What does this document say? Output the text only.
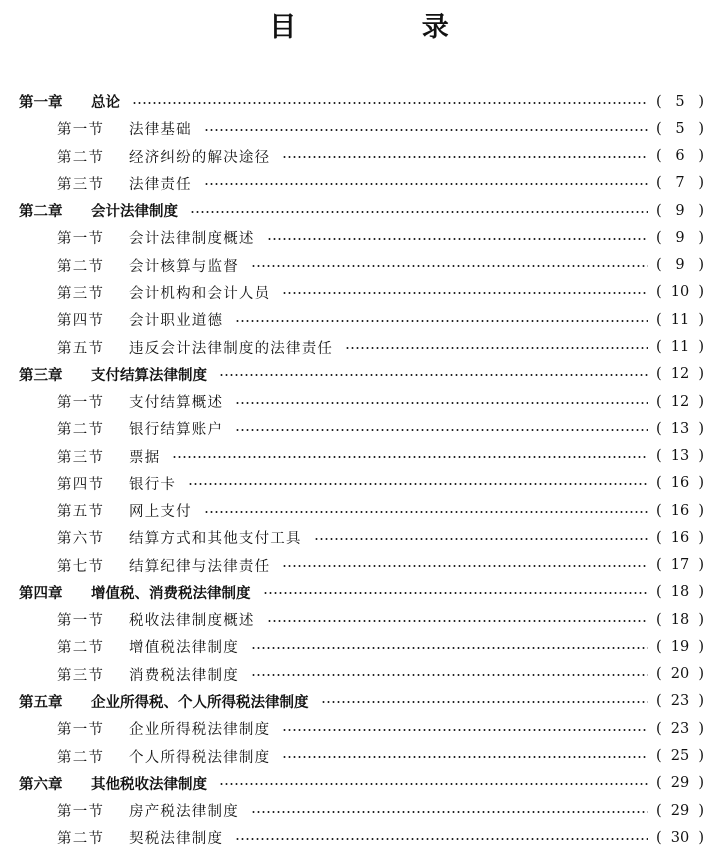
目 录
第一章	总论	( 5 )
第一节	法律基础	( 5 )
第二节	经济纠纷的解决途径	( 6 )
第三节	法律责任	( 7 )
第二章	会计法律制度	( 9 )
第一节	会计法律制度概述	( 9 )
第二节	会计核算与监督	( 9 )
第三节	会计机构和会计人员	( 10 )
第四节	会计职业道德	( 11 )
第五节	违反会计法律制度的法律责任	( 11 )
第三章	支付结算法律制度	( 12 )
第一节	支付结算概述	( 12 )
第二节	银行结算账户	( 13 )
第三节	票据	( 13 )
第四节	银行卡	( 16 )
第五节	网上支付	( 16 )
第六节	结算方式和其他支付工具	( 16 )
第七节	结算纪律与法律责任	( 17 )
第四章	增值税、消费税法律制度	( 18 )
第一节	税收法律制度概述	( 18 )
第二节	增值税法律制度	( 19 )
第三节	消费税法律制度	( 20 )
第五章	企业所得税、个人所得税法律制度	( 23 )
第一节	企业所得税法律制度	( 23 )
第二节	个人所得税法律制度	( 25 )
第六章	其他税收法律制度	( 29 )
第一节	房产税法律制度	( 29 )
第二节	契税法律制度	( 30 )
